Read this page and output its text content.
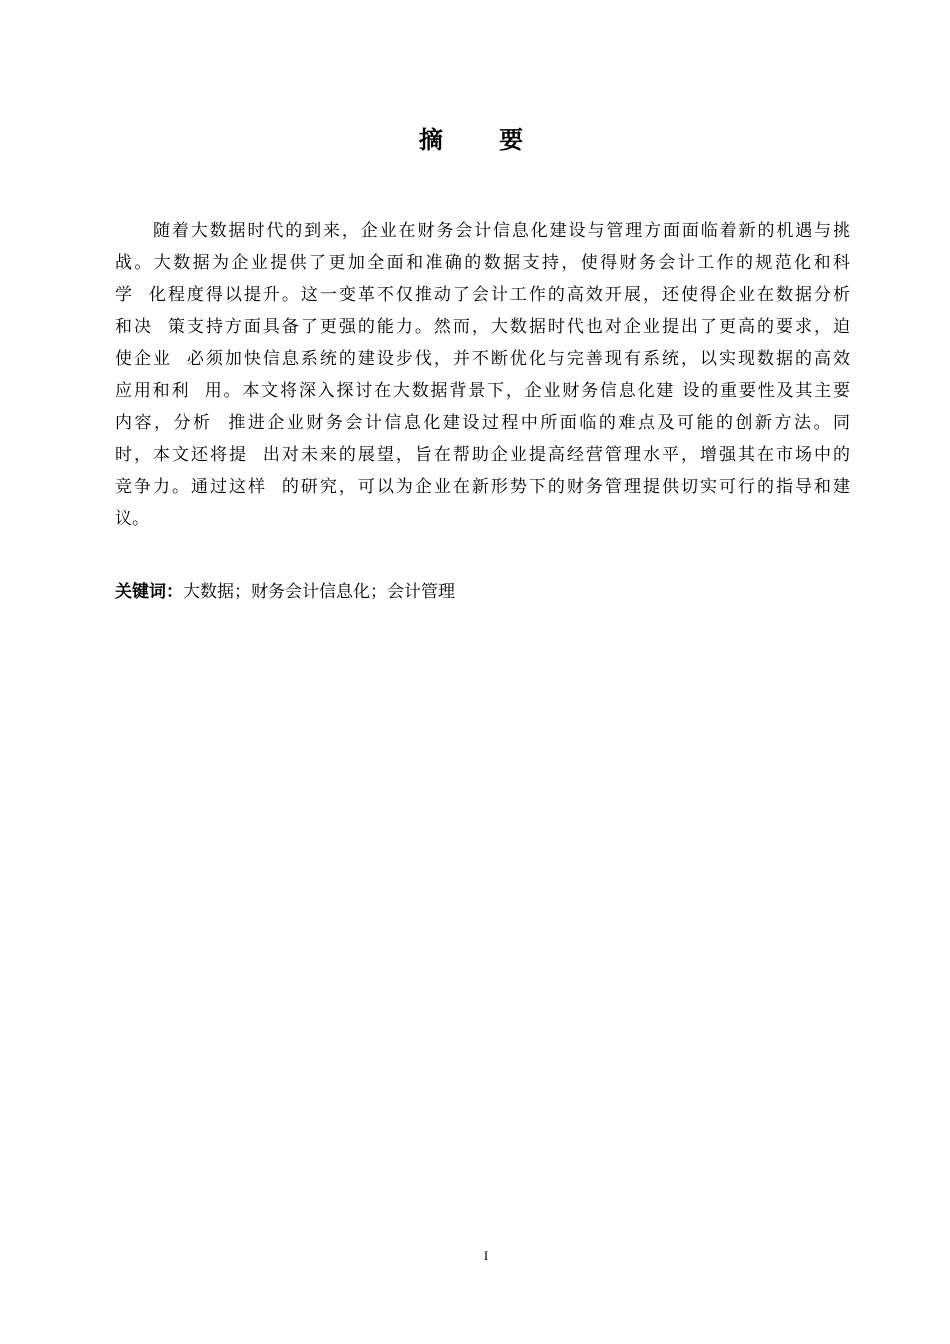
摘 要
随着大数据时代的到来，企业在财务会计信息化建设与管理方面面临着新的机遇与挑
战。大数据为企业提供了更加全面和准确的数据支持，使得财务会计工作的规范化和科
学  化程度得以提升。这一变革不仅推动了会计工作的高效开展，还使得企业在数据分析
和决  策支持方面具备了更强的能力。然而，大数据时代也对企业提出了更高的要求，迫
使企业  必须加快信息系统的建设步伐，并不断优化与完善现有系统，以实现数据的高效
应用和利  用。本文将深入探讨在大数据背景下，企业财务信息化建 设的重要性及其主要
内容，分析  推进企业财务会计信息化建设过程中所面临的难点及可能的创新方法。同
时，本文还将提  出对未来的展望，旨在帮助企业提高经营管理水平，增强其在市场中的
竞争力。通过这样  的研究，可以为企业在新形势下的财务管理提供切实可行的指导和建
议。
关键词：大数据；财务会计信息化；会计管理
I
